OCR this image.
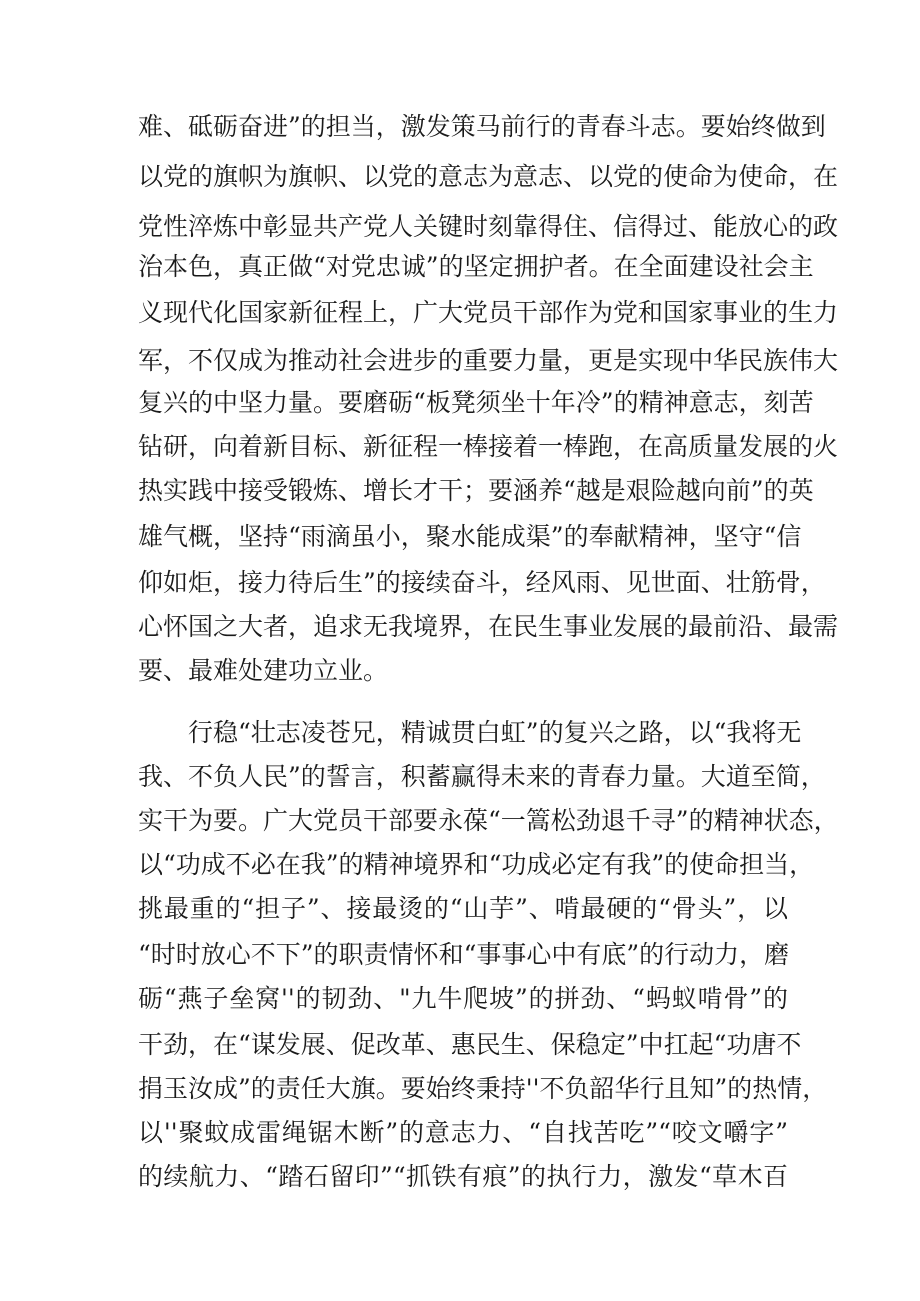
难、砥砺奋进”的担当，激发策马前行的青春斗志。要始终做到
以党的旗帜为旗帜、以党的意志为意志、以党的使命为使命，在
党性淬炼中彰显共产党人关键时刻靠得住、信得过、能放心的政
治本色，真正做“对党忠诚”的坚定拥护者。在全面建设社会主
义现代化国家新征程上，广大党员干部作为党和国家事业的生力
军，不仅成为推动社会进步的重要力量，更是实现中华民族伟大
复兴的中坚力量。要磨砺“板凳须坐十年冷”的精神意志，刻苦
钻研，向着新目标、新征程一棒接着一棒跑，在高质量发展的火
热实践中接受锻炼、增长才干；要涵养“越是艰险越向前”的英
雄气概，坚持“雨滴虽小，聚水能成渠”的奉献精神，坚守“信
仰如炬，接力待后生”的接续奋斗，经风雨、见世面、壮筋骨，
心怀国之大者，追求无我境界，在民生事业发展的最前沿、最需
要、最难处建功立业。
行稳“壮志凌苍兄，精诚贯白虹”的复兴之路，以“我将无
我、不负人民”的誓言，积蓄赢得未来的青春力量。大道至简，
实干为要。广大党员干部要永葆“一篙松劲退千寻”的精神状态，
以“功成不必在我”的精神境界和“功成必定有我”的使命担当，
挑最重的“担子”、接最烫的“山芋”、啃最硬的“骨头”，以
“时时放心不下”的职责情怀和“事事心中有底”的行动力，磨
砺“燕子垒窝''的韧劲、"九牛爬坡”的拼劲、“蚂蚁啃骨”的
干劲，在“谋发展、促改革、惠民生、保稳定”中扛起“功唐不
捐玉汝成”的责任大旗。要始终秉持''不负韶华行且知”的热情，
以''聚蚊成雷绳锯木断”的意志力、“自找苦吃”“咬文嚼字”
的续航力、“踏石留印”“抓铁有痕”的执行力，激发“草木百
